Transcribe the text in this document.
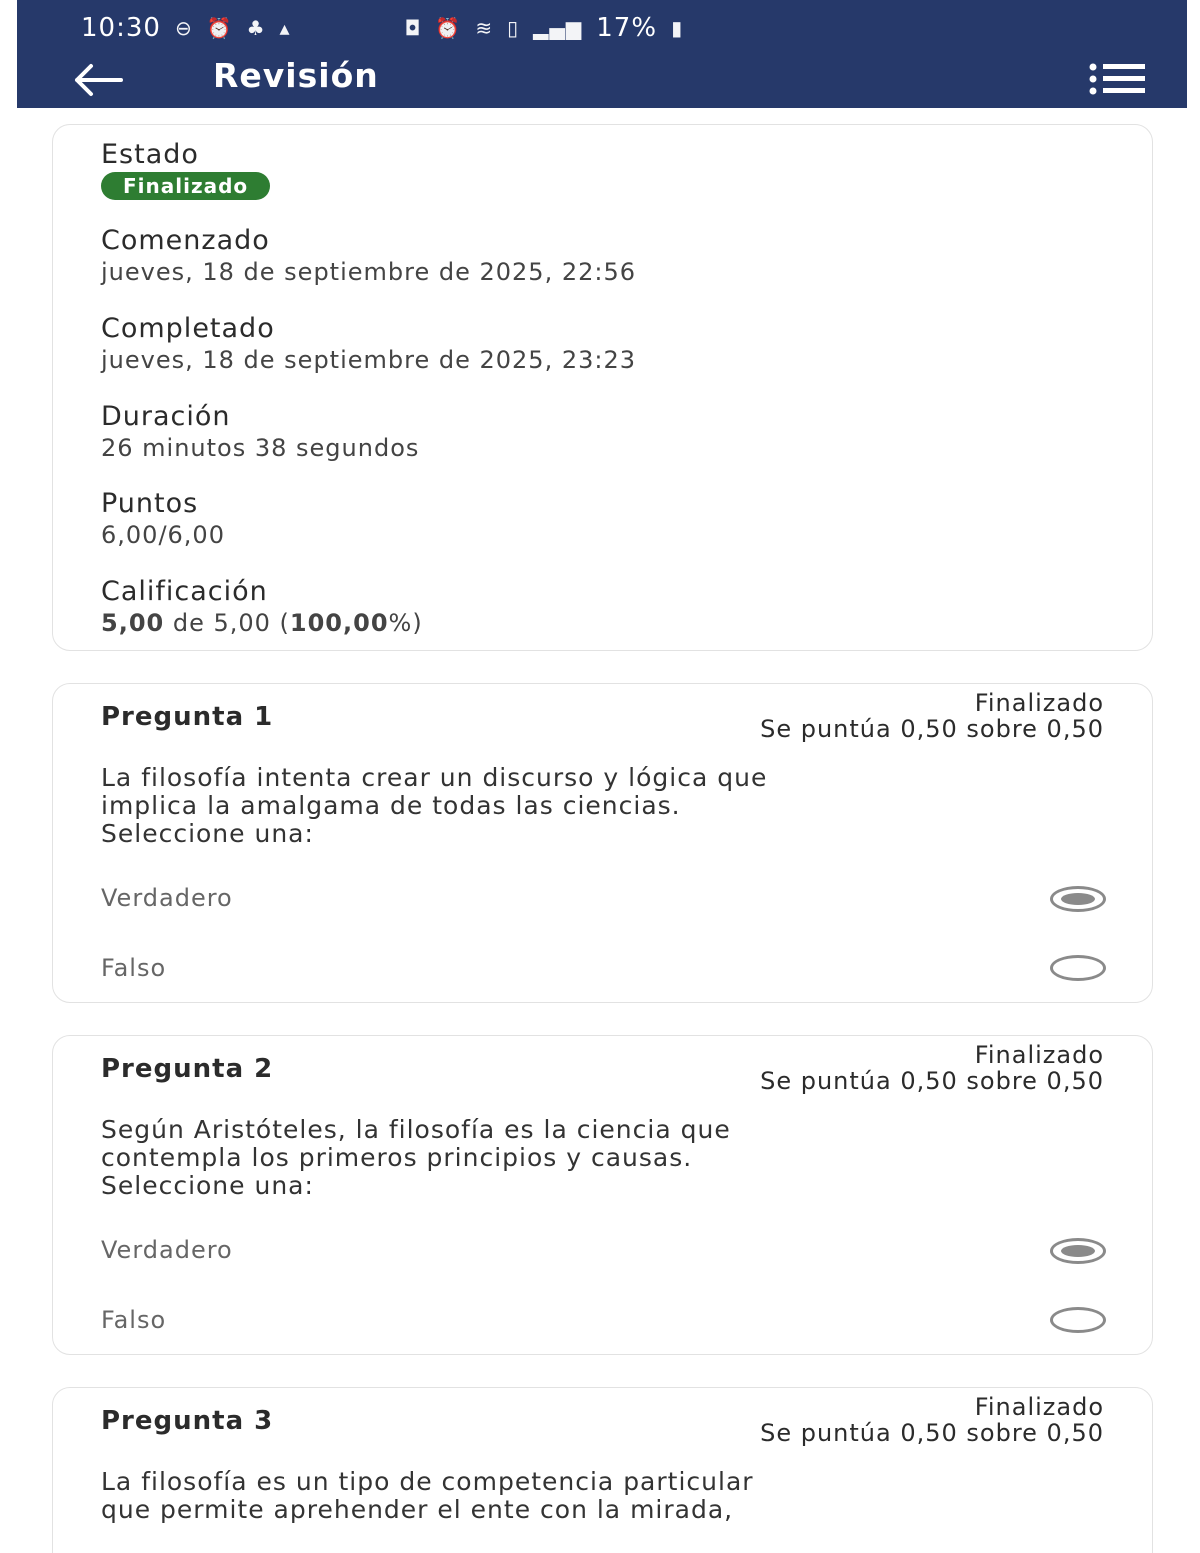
10:30 ⊖ ⏰ ♣ ▴	◘ ⏰ ≋ ▯ ▂▄▆ 17% ▮
Revisión
Estado
Finalizado
Comenzado
jueves, 18 de septiembre de 2025, 22:56
Completado
jueves, 18 de septiembre de 2025, 23:23
Duración
26 minutos 38 segundos
Puntos
6,00/6,00
Calificación
5,00 de 5,00 (100,00%)
Pregunta 1	Finalizado
Se puntúa 0,50 sobre 0,50
La filosofía intenta crear un discurso y lógica que
implica la amalgama de todas las ciencias.
Seleccione una:
Verdadero
Falso
Pregunta 2	Finalizado
Se puntúa 0,50 sobre 0,50
Según Aristóteles, la filosofía es la ciencia que
contempla los primeros principios y causas.
Seleccione una:
Verdadero
Falso
Pregunta 3	Finalizado
Se puntúa 0,50 sobre 0,50
La filosofía es un tipo de competencia particular
que permite aprehender el ente con la mirada,
